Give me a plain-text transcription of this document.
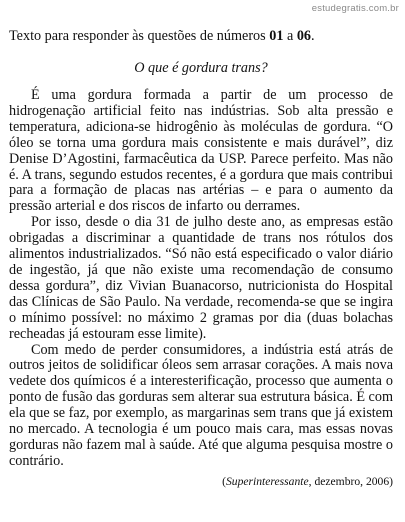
estudegratis.com.br

Texto para responder às questões de números 01 a 06.

O que é gordura trans?

É uma gordura formada a partir de um processo de hidrogenação artificial feito nas indústrias. Sob alta pressão e temperatura, adiciona-se hidrogênio às moléculas de gordura. “O óleo se torna uma gordura mais consistente e mais durável”, diz Denise D’Agostini, farmacêutica da USP. Parece perfeito. Mas não é. A trans, segundo estudos recentes, é a gordura que mais contribui para a formação de placas nas artérias – e para o aumento da pressão arterial e dos riscos de infarto ou derrames.

Por isso, desde o dia 31 de julho deste ano, as empresas estão obrigadas a discriminar a quantidade de trans nos rótulos dos alimentos industrializados. “Só não está especificado o valor diário de ingestão, já que não existe uma recomendação de consumo dessa gordura”, diz Vivian Buanacorso, nutricionista do Hospital das Clínicas de São Paulo. Na verdade, recomenda-se que se ingira o mínimo possível: no máximo 2 gramas por dia (duas bolachas recheadas já estouram esse limite).

Com medo de perder consumidores, a indústria está atrás de outros jeitos de solidificar óleos sem arrasar corações. A mais nova vedete dos químicos é a interesterificação, processo que aumenta o ponto de fusão das gorduras sem alterar sua estrutura básica. É com ela que se faz, por exemplo, as margarinas sem trans que já existem no mercado. A tecnologia é um pouco mais cara, mas essas novas gorduras não fazem mal à saúde. Até que alguma pesquisa mostre o contrário.

(Superinteressante, dezembro, 2006)
